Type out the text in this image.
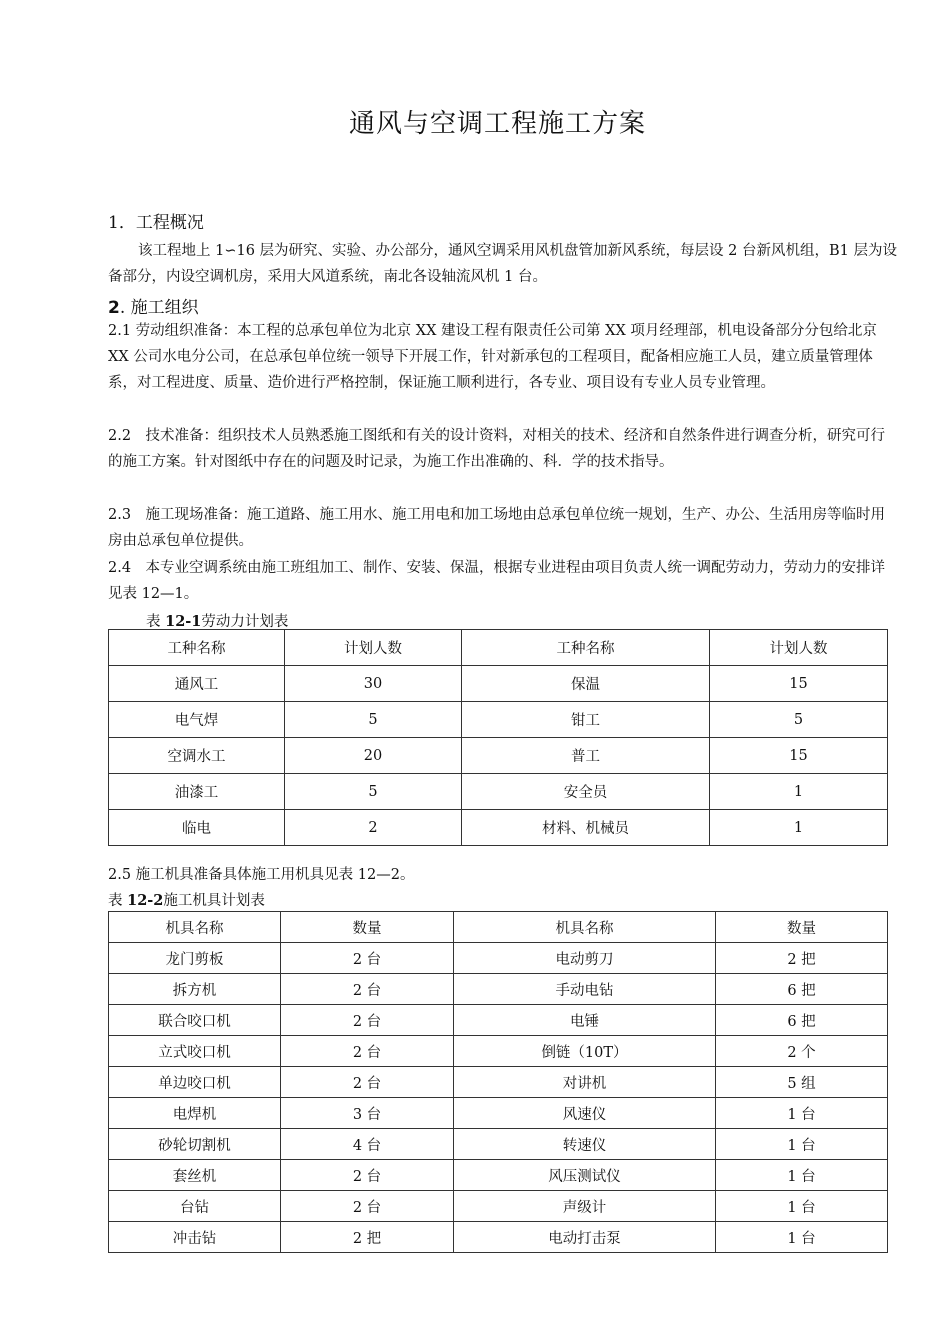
通风与空调工程施工方案
1．工程概况

该工程地上 1∽16 层为研究、实验、办公部分，通风空调采用风机盘管加新风系统，每层设 2 台新风机组，B1 层为设备部分，内设空调机房，采用大风道系统，南北各设轴流风机 1 台。

2. 施工组织

2.1 劳动组织准备：本工程的总承包单位为北京 XX 建设工程有限责任公司第 XX 项月经理部，机电设备部分分包给北京 XX 公司水电分公司，在总承包单位统一领导下开展工作，针对新承包的工程项目，配备相应施工人员，建立质量管理体系，对工程进度、质量、造价进行严格控制，保证施工顺利进行，各专业、项目设有专业人员专业管理。

2.2　技术准备：组织技术人员熟悉施工图纸和有关的设计资料，对相关的技术、经济和自然条件进行调查分析，研究可行的施工方案。针对图纸中存在的问题及时记录，为施工作出准确的、科．学的技术指导。

2.3　施工现场准备：施工道路、施工用水、施工用电和加工场地由总承包单位统一规划，生产、办公、生活用房等临时用房由总承包单位提供。

2.4　本专业空调系统由施工班组加工、制作、安装、保温，根据专业进程由项目负责人统一调配劳动力，劳动力的安排详见表 12—1。

表 12-1劳动力计划表
工种名称	计划人数	工种名称	计划人数
通风工	30	保温	15
电气焊	5	钳工	5
空调水工	20	普工	15
油漆工	5	安全员	1
临电	2	材料、机械员	1

2.5 施工机具准备具体施工用机具见表 12—2。

表 12-2施工机具计划表
机具名称	数量	机具名称	数量
龙门剪板	2 台	电动剪刀	2 把
拆方机	2 台	手动电钻	6 把
联合咬口机	2 台	电锤	6 把
立式咬口机	2 台	倒链（10T）	2 个
单边咬口机	2 台	对讲机	5 组
电焊机	3 台	风速仪	1 台
砂轮切割机	4 台	转速仪	1 台
套丝机	2 台	风压测试仪	1 台
台钻	2 台	声级计	1 台
冲击钻	2 把	电动打击泵	1 台
